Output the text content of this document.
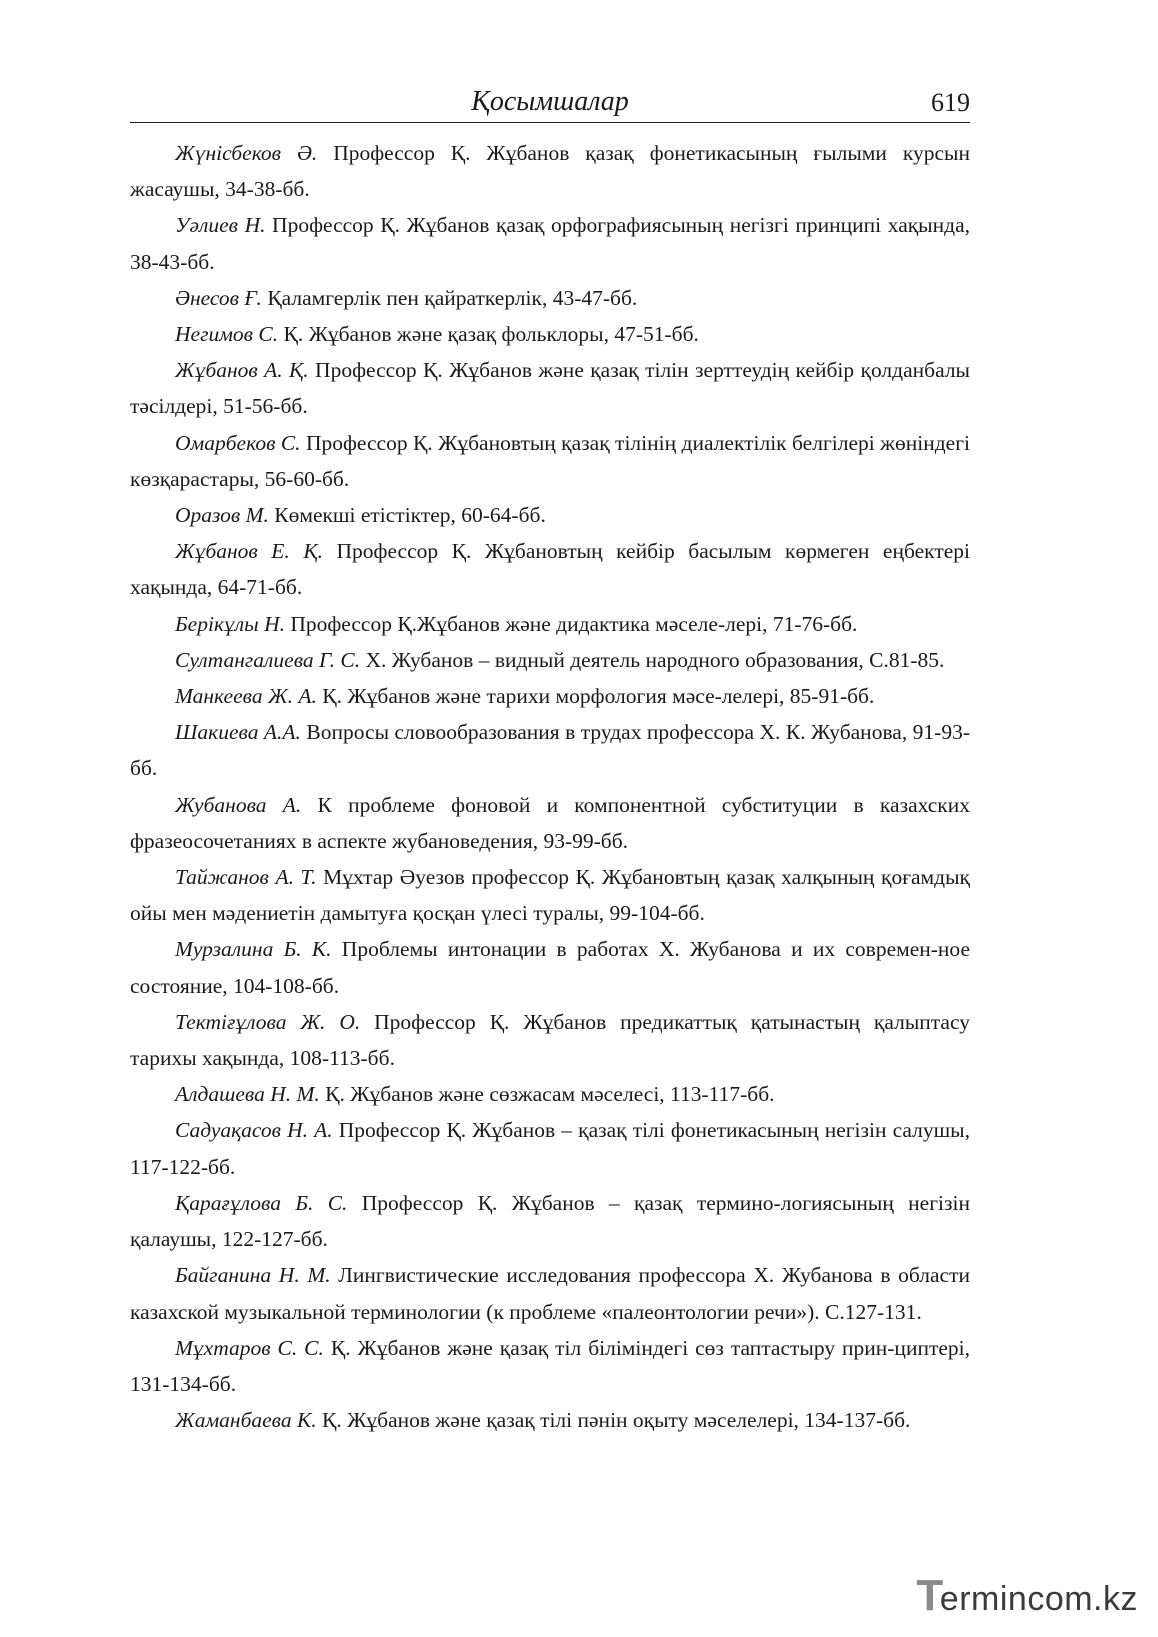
Қосымшалар	619

Жүнісбеков Ә. Профессор Қ. Жұбанов қазақ фонетикасының ғылыми курсын жасаушы, 34-38-бб.

Уәлиев Н. Профессор Қ. Жұбанов қазақ орфографиясының негізгі принципі хақында, 38-43-бб.

Әнесов Ғ. Қаламгерлік пен қайраткерлік, 43-47-бб.

Негимов С. Қ. Жұбанов және қазақ фольклоры, 47-51-бб.

Жұбанов А. Қ. Профессор Қ. Жұбанов және қазақ тілін зерттеудің кейбір қолданбалы тәсілдері, 51-56-бб.

Омарбеков С. Профессор Қ. Жұбановтың қазақ тілінің диалектілік белгілері жөніндегі көзқарастары, 56-60-бб.

Оразов М. Көмекші етістіктер, 60-64-бб.

Жұбанов Е. Қ. Профессор Қ. Жұбановтың кейбір басылым көрмеген еңбектері хақында, 64-71-бб.

Берікұлы Н. Профессор Қ.Жұбанов және дидактика мәселе-лері, 71-76-бб.

Султангалиева Г. С. Х. Жубанов – видный деятель народного образования, С.81-85.

Манкеева Ж. А. Қ. Жұбанов және тарихи морфология мәсе-лелері, 85-91-бб.

Шакиева А.А. Вопросы словообразования в трудах профессора Х. К. Жубанова, 91-93-бб.

Жубанова А. К проблеме фоновой и компонентной субституции в казахских фразеосочетаниях в аспекте жубановедения, 93-99-бб.

Тайжанов А. Т. Мұхтар Әуезов профессор Қ. Жұбановтың қазақ халқының қоғамдық ойы мен мәдениетін дамытуға қосқан үлесі туралы, 99-104-бб.

Мурзалина Б. К. Проблемы интонации в работах Х. Жубанова и их современ-ное состояние, 104-108-бб.

Тектіғұлова Ж. О. Профессор Қ. Жұбанов предикаттық қатынастың қалыптасу тарихы хақында, 108-113-бб.

Алдашева Н. М. Қ. Жұбанов және сөзжасам мәселесі, 113-117-бб.

Садуақасов Н. А. Профессор Қ. Жұбанов – қазақ тілі фонетикасының негізін салушы, 117-122-бб.

Қарағұлова Б. С. Профессор Қ. Жұбанов – қазақ термино-логиясының негізін қалаушы, 122-127-бб.

Байганина Н. М. Лингвистические исследования профессора Х. Жубанова в области казахской музыкальной терминологии (к проблеме «палеонтологии речи»). С.127-131.

Мұхтаров С. С. Қ. Жұбанов және қазақ тіл біліміндегі сөз таптастыру прин-циптері, 131-134-бб.

Жаманбаева К. Қ. Жұбанов және қазақ тілі пәнін оқыту мәселелері, 134-137-бб.

Termincom.kz
